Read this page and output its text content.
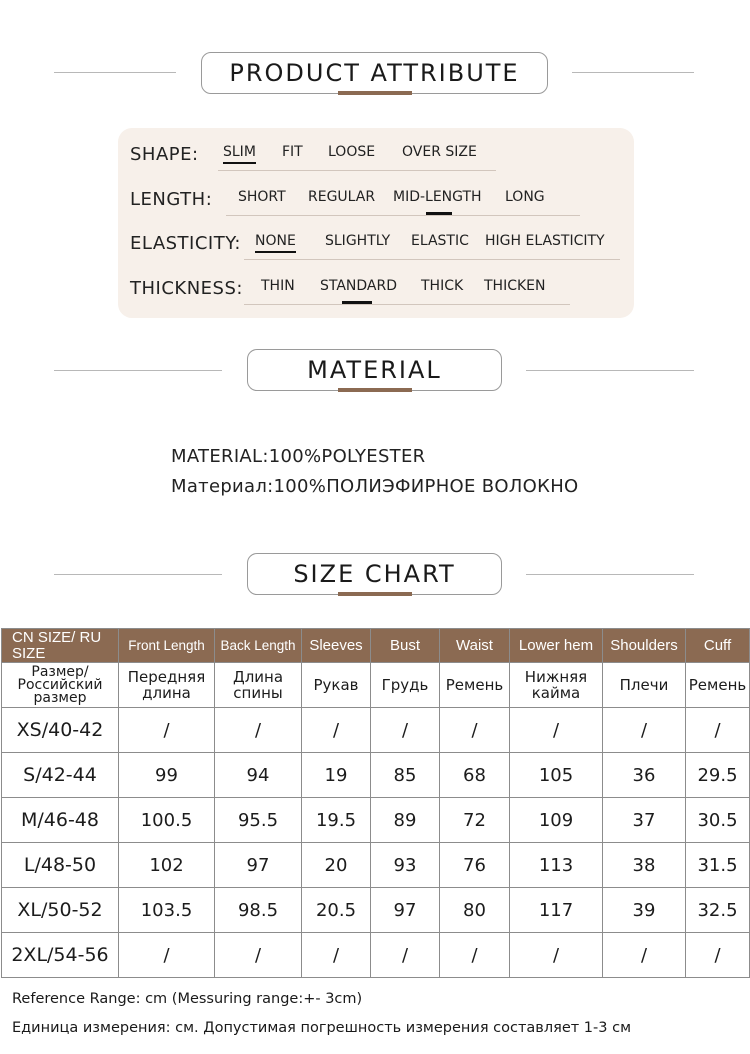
PRODUCT ATTRIBUTE
SHAPE: SLIM FIT LOOSE OVER SIZE
LENGTH: SHORT REGULAR MID-LENGTH LONG
ELASTICITY: NONE SLIGHTLY ELASTIC HIGH ELASTICITY
THICKNESS: THIN STANDARD THICK THICKEN
MATERIAL
MATERIAL:100%POLYESTER
Материал:100%ПОЛИЭФИРНОЕ ВОЛОКНО
SIZE CHART
CN SIZE/ RU SIZE	Front Length	Back Length	Sleeves	Bust	Waist	Lower hem	Shoulders	Cuff
Размер/ Российский размер	Передняя длина	Длина спины	Рукав	Грудь	Ремень	Нижняя кайма	Плечи	Ремень
XS/40-42	/	/	/	/	/	/	/	/
S/42-44	99	94	19	85	68	105	36	29.5
M/46-48	100.5	95.5	19.5	89	72	109	37	30.5
L/48-50	102	97	20	93	76	113	38	31.5
XL/50-52	103.5	98.5	20.5	97	80	117	39	32.5
2XL/54-56	/	/	/	/	/	/	/	/
Reference Range: cm (Messuring range:+- 3cm)
Единица измерения: см. Допустимая погрешность измерения составляет 1-3 см
